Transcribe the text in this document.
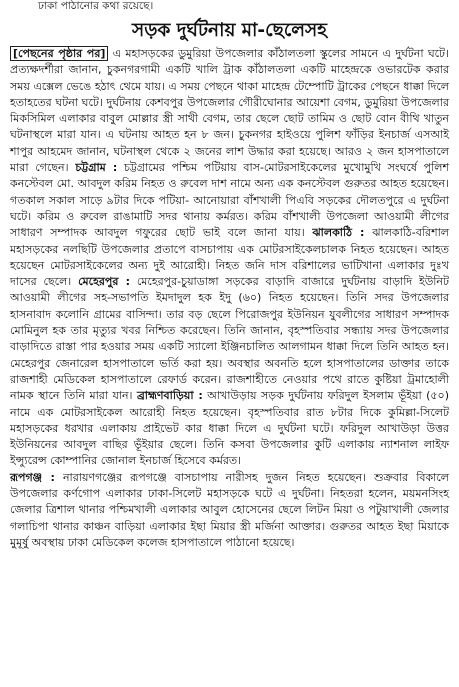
ঢাকা পাঠানোর কথা রয়েছে।
সড়ক দুর্ঘটনায় মা-ছেলেসহ

[পেছনের পৃষ্ঠার পর] এ মহাসড়কের ডুমুরিয়া উপজেলার কাঁঠালতলা স্কুলের সামনে এ দুর্ঘটনা ঘটে। প্রত্যক্ষদর্শীরা জানান, চুকনগরগামী একটি খালি ট্রাক কাঁঠালতলা একটি মাহেন্দ্রকে ওভারটেক করার সময় এক্সেল ভেঙে হঠাৎ থেমে যায়। এ সময় পেছনে থাকা মাহেন্দ্র টেম্পোটি ট্রাকের পেছনে ধাক্কা দিলে হতাহতের ঘটনা ঘটে। দুর্ঘটনায় কেশবপুর উপজেলার গৌরীঘোনার আয়েশা বেগম, ডুমুরিয়া উপজেলার মিকসিমিল এলাকার বাবুল মোল্লার স্ত্রী সাথী বেগম, তার ছেলে ছোট তামিম ও ছোট বোন বীথি খাতুন ঘটনাস্থলে মারা যান। এ ঘটনায় আহত হন ৮ জন। চুকনগর হাইওয়ে পুলিশ ফাঁড়ির ইনচার্জ এসআই শাপুর আহমেদ জানান, ঘটনাস্থল থেকে ২ জনের লাশ উদ্ধার করা হয়েছে। আরও ২ জন হাসপাতালে মারা গেছেন। চট্টগ্রাম : চট্টগ্রামের পশ্চিম পটিয়ায় বাস-মোটরসাইকেলের মুখোমুখি সংঘর্ষে পুলিশ কনস্টেবল মো. আবদুল করিম নিহত ও রুবেল দাশ নামে অন্য এক কনস্টেবল গুরুতর আহত হয়েছেন। গতকাল সকাল সাড়ে ৯টার দিকে পটিয়া- আনোয়ারা বাঁশখালী পিএবি সড়কের দৌলতপুরে এ দুর্ঘটনা ঘটে। করিম ও রুবেল রাঙামাটি সদর থানায় কর্মরত। করিম বাঁশখালী উপজেলা আওয়ামী লীগের সাধারণ সম্পাদক আবদুল গফুরের ছোট ভাই বলে জানা যায়। ঝালকাঠি : ঝালকাঠি-বরিশাল মহাসড়কের নলছিটি উপজেলার প্রতাপে বাসচাপায় এক মোটরসাইকেলচালক নিহত হয়েছেন। আহত হয়েছেন মোটরসাইকেলের অন্য দুই আরোহী। নিহত জনি দাস বরিশালের ভাটিখানা এলাকার দুঃখ দাসের ছেলে। মেহেরপুর : মেহেরপুর-চুয়াডাঙ্গা সড়কের বাড়াদি বাজারে দুর্ঘটনায় বাড়াদি ইউনিট আওয়ামী লীগের সহ-সভাপতি ইমদাদুল হক ইদু (৬০) নিহত হয়েছেন। তিনি সদর উপজেলার হাসনাবাদ কলোনি গ্রামের বাসিন্দা। তার বড় ছেলে পিরোজপুর ইউনিয়ন যুবলীগের সাধারণ সম্পাদক মোমিনুল হক তার মৃত্যুর খবর নিশ্চিত করেছেন। তিনি জানান, বৃহস্পতিবার সন্ধ্যায় সদর উপজেলার বাড়াদিতে রাস্তা পার হওয়ার সময় একটি স্যালো ইঞ্জিনচালিত আলগামন ধাক্কা দিলে তিনি আহত হন। মেহেরপুর জেনারেল হাসপাতালে ভর্তি করা হয়। অবস্থার অবনতি হলে হাসপাতালের ডাক্তার তাকে রাজশাহী মেডিকেল হাসপাতালে রেফার্ড করেন। রাজশাহীতে নেওয়ার পথে রাতে কুষ্টিয়া ট্রমাহোলী নামক স্থানে তিনি মারা যান। ব্রাহ্মণবাড়িয়া : আখাউড়ায় সড়ক দুর্ঘটনায় ফরিদুল ইসলাম ভূঁইয়া (৫০) নামে এক মোটরসাইকেল আরোহী নিহত হয়েছেন। বৃহস্পতিবার রাত ৮টার দিকে কুমিল্লা-সিলেট মহাসড়কের ধরখার এলাকায় প্রাইভেট কার ধাক্কা দিলে এ দুর্ঘটনা ঘটে। ফরিদুল আখাউড়া উত্তর ইউনিয়নের আবদুল বাছির ভূঁইয়ার ছেলে। তিনি কসবা উপজেলার কুটি এলাকায় ন্যাশনাল লাইফ ইন্স্যুরেন্স কোম্পানির জোনাল ইনচার্জ হিসেবে কর্মরত।

রূপগঞ্জ : নারায়ণগঞ্জের রূপগঞ্জে বাসচাপায় নারীসহ দুজন নিহত হয়েছেন। শুক্রবার বিকালে উপজেলার কর্ণগোপ এলাকার ঢাকা-সিলেট মহাসড়কে ঘটে এ দুর্ঘটনা। নিহতরা হলেন, ময়মনসিংহ জেলার ত্রিশাল থানার পশ্চিমখালী এলাকার আবুল হোসেনের ছেলে লিটন মিয়া ও পটুয়াখালী জেলার গলাচিপা থানার কাঞ্চন বাড়িয়া এলাকার ইছা মিয়ার স্ত্রী মর্জিনা আক্তার। গুরুতর আহত ইছা মিয়াকে মুমূর্ষু অবস্থায় ঢাকা মেডিকেল কলেজ হাসপাতালে পাঠানো হয়েছে।
